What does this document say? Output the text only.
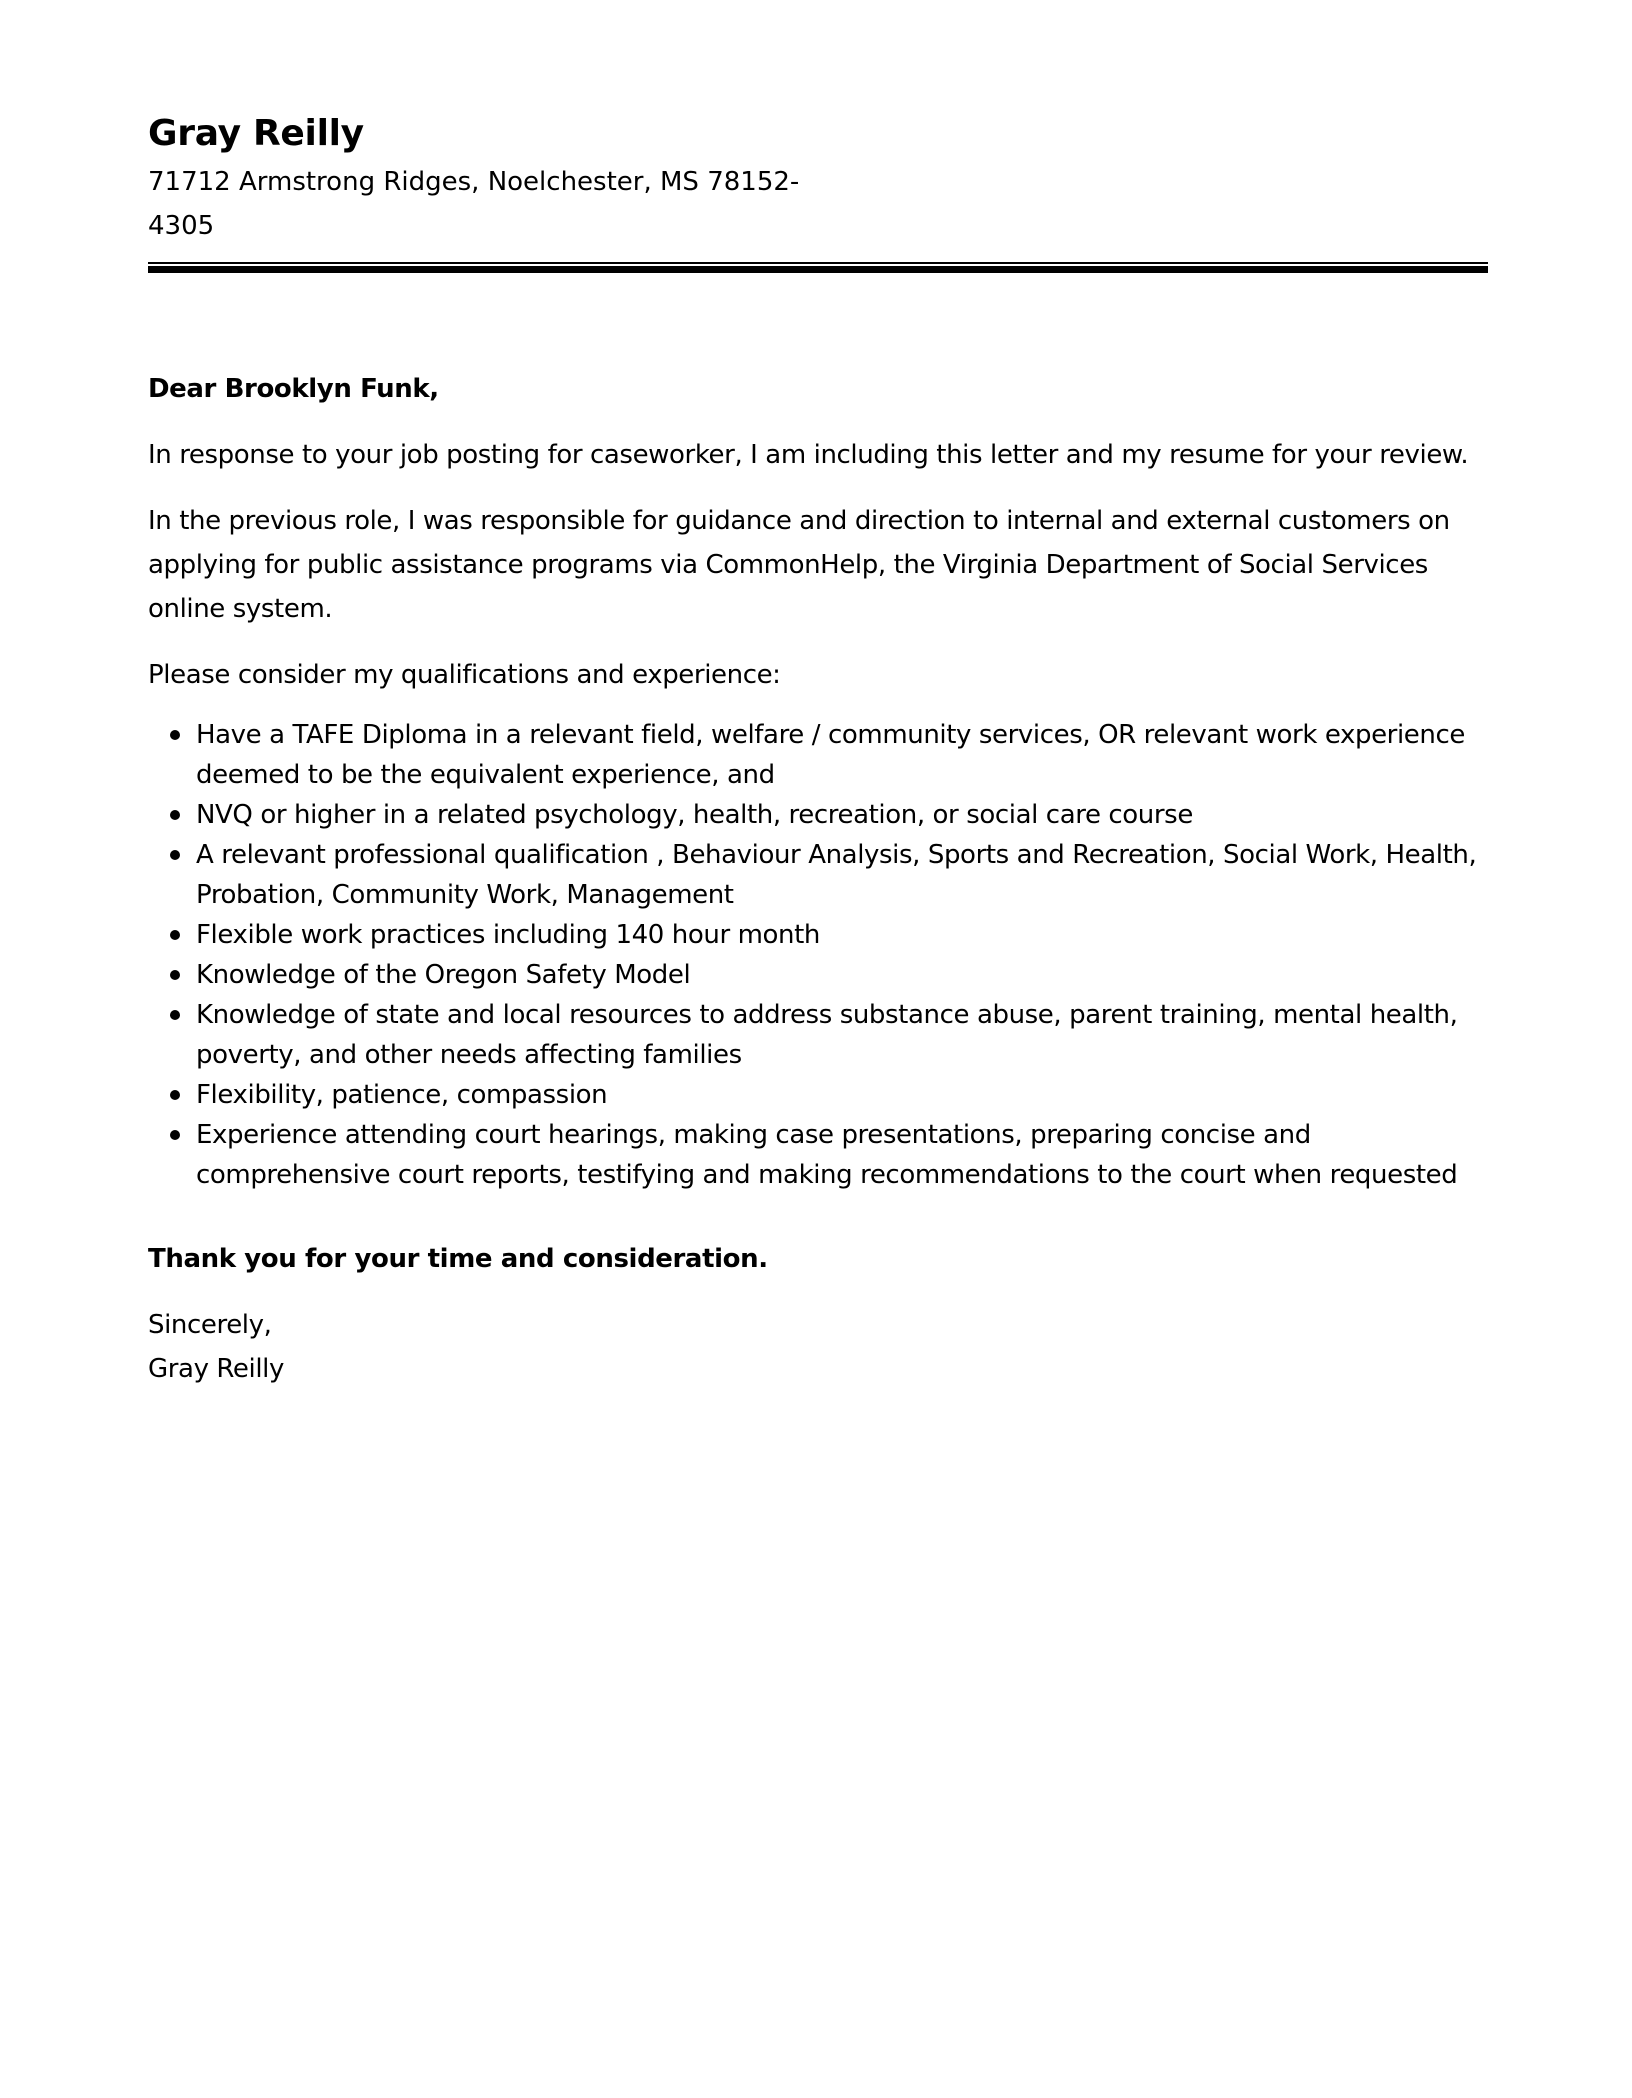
Gray Reilly

71712 Armstrong Ridges, Noelchester, MS 78152-4305

Dear Brooklyn Funk,

In response to your job posting for caseworker, I am including this letter and my resume for your review.

In the previous role, I was responsible for guidance and direction to internal and external customers on applying for public assistance programs via CommonHelp, the Virginia Department of Social Services online system.

Please consider my qualifications and experience:

Have a TAFE Diploma in a relevant field, welfare / community services, OR relevant work experience deemed to be the equivalent experience, and
NVQ or higher in a related psychology, health, recreation, or social care course
A relevant professional qualification , Behaviour Analysis, Sports and Recreation, Social Work, Health, Probation, Community Work, Management
Flexible work practices including 140 hour month
Knowledge of the Oregon Safety Model
Knowledge of state and local resources to address substance abuse, parent training, mental health, poverty, and other needs affecting families
Flexibility, patience, compassion
Experience attending court hearings, making case presentations, preparing concise and comprehensive court reports, testifying and making recommendations to the court when requested

Thank you for your time and consideration.

Sincerely,
Gray Reilly
